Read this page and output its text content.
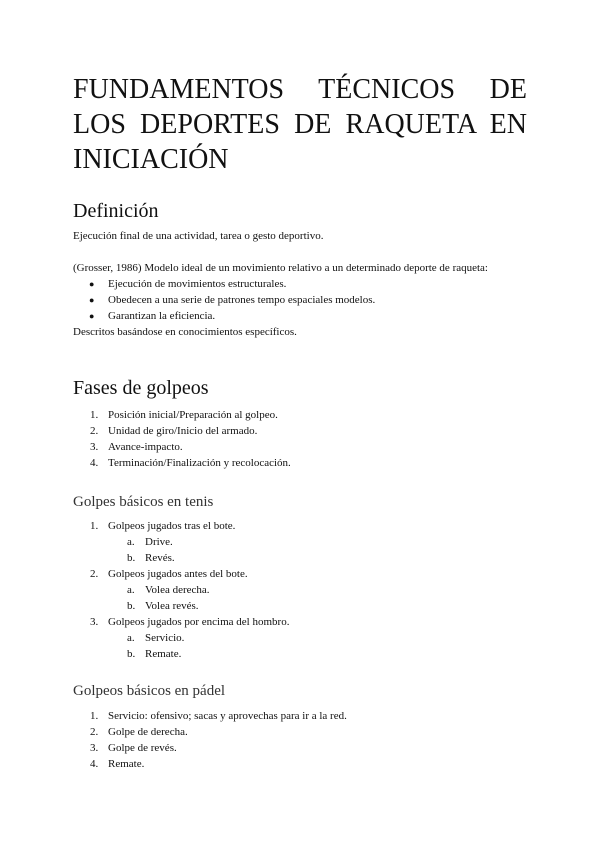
FUNDAMENTOS TÉCNICOS DE LOS DEPORTES DE RAQUETA EN INICIACIÓN
Definición

Ejecución final de una actividad, tarea o gesto deportivo.

(Grosser, 1986) Modelo ideal de un movimiento relativo a un determinado deporte de raqueta:

● Ejecución de movimientos estructurales.
● Obedecen a una serie de patrones tempo espaciales modelos.
● Garantizan la eficiencia.

Descritos basándose en conocimientos específicos.

Fases de golpeos
1. Posición inicial/Preparación al golpeo.
2. Unidad de giro/Inicio del armado.
3. Avance-impacto.
4. Terminación/Finalización y recolocación.
Golpes básicos en tenis
1. Golpeos jugados tras el bote.
a. Drive.
b. Revés.
2. Golpeos jugados antes del bote.
a. Volea derecha.
b. Volea revés.
3. Golpeos jugados por encima del hombro.
a. Servicio.
b. Remate.
Golpeos básicos en pádel
1. Servicio: ofensivo; sacas y aprovechas para ir a la red.
2. Golpe de derecha.
3. Golpe de revés.
4. Remate.
